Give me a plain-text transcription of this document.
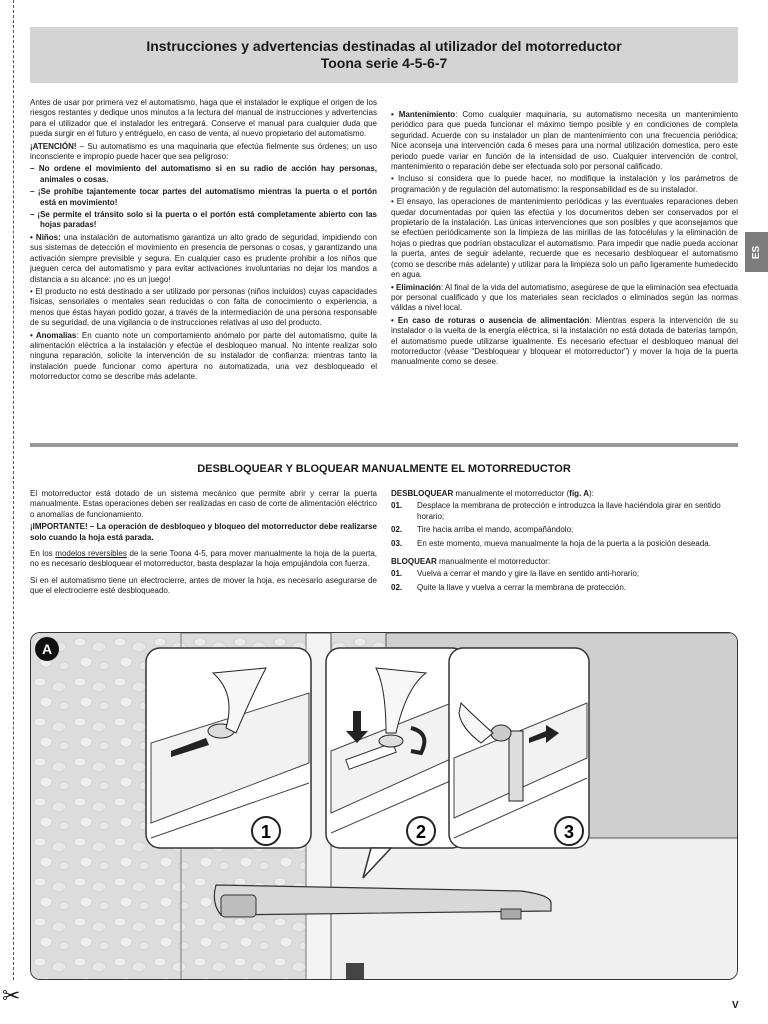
✂
Instrucciones y advertencias destinadas al utilizador del motorreductor
Toona serie 4-5-6-7
ES

Antes de usar por primera vez el automatismo, haga que el instalador le explique el origen de los riesgos restantes y dedique unos minutos a la lectura del manual de instrucciones y advertencias para el utilizador que el instalador les entregará. Conserve el manual para cualquier duda que pueda surgir en el futuro y entréguelo, en caso de venta, al nuevo propietario del automatismo.

¡ATENCIÓN! – Su automatismo es una maquinaria que efectúa fielmente sus órdenes; un uso inconsciente e impropio puede hacer que sea peligroso:

– No ordene el movimiento del automatismo si en su radio de acción hay personas, animales o cosas.

– ¡Se prohíbe tajantemente tocar partes del automatismo mientras la puerta o el portón está en movimiento!

– ¡Se permite el tránsito solo si la puerta o el portón está completamente abierto con las hojas paradas!

• Niños: una instalación de automatismo garantiza un alto grado de seguridad, impidiendo con sus sistemas de detección el movimiento en presencia de personas o cosas, y garantizando una activación siempre previsible y segura. En cualquier caso es prudente prohibir a los niños que jueguen cerca del automatismo y para evitar activaciones involuntarias no dejar los mandos a distancia a su alcance: ¡no es un juego!

• El producto no está destinado a ser utilizado por personas (niños incluidos) cuyas capacidades físicas, sensoriales o mentales sean reducidas o con falta de conocimiento o experiencia, a menos que éstas hayan podido gozar, a través de la intermediación de una persona responsable de su seguridad, de una vigilancia o de instrucciones relativas al uso del producto.

• Anomalías: En cuanto note un comportamiento anómalo por parte del automatismo, quite la alimentación eléctrica a la instalación y efectúe el desbloqueo manual. No intente realizar solo ninguna reparación, solicite la intervención de su instalador de confianza: mientras tanto la instalación puede funcionar como apertura no automatizada, una vez desbloqueado el motorreductor como se describe más adelante.

• Mantenimiento: Como cualquier maquinaria, su automatismo necesita un mantenimiento periódico para que pueda funcionar el máximo tiempo posible y en condiciones de completa seguridad. Acuerde con su instalador un plan de mantenimiento con una frecuencia periódica; Nice aconseja una intervención cada 6 meses para una normal utilización domestica, pero este periodo puede variar en función de la intensidad de uso. Cualquier intervención de control, mantenimiento o reparación debe ser efectuada solo por personal calificado.

• Incluso si considera que lo puede hacer, no modifique la instalación y los parámetros de programación y de regulación del automatismo: la responsabilidad es de su instalador.

• El ensayo, las operaciones de mantenimiento periódicas y las eventuales reparaciones deben quedar documentadas por quien las efectúa y los documentos deben ser conservados por el propietario de la instalación. Las únicas intervenciones que son posibles y que aconsejamos que se efectúen periódicamente son la limpieza de las mirillas de las fotocélulas y la eliminación de hojas o piedras que podrían obstaculizar el automatismo. Para impedir que nadie pueda accionar la puerta, antes de seguir adelante, recuerde que es necesario desbloquear el automatismo (como se describe más adelante) y utilizar para la limpieza solo un paño ligeramente humedecido en agua.

• Eliminación: Al final de la vida del automatismo, asegúrese de que la eliminación sea efectuada por personal cualificado y que los materiales sean reciclados o eliminados según las normas válidas a nivel local.

• En caso de roturas o ausencia de alimentación: Mientras espera la intervención de su instalador o la vuelta de la energía eléctrica, si la instalación no está dotada de baterías tampón, el automatismo puede utilizarse igualmente. Es necesario efectuar el desbloqueo manual del motorreductor (véase "Desbloquear y bloquear el motorreductor") y mover la hoja de la puerta manualmente como se desee.

DESBLOQUEAR Y BLOQUEAR MANUALMENTE EL MOTORREDUCTOR

El motorreductor está dotado de un sistema mecánico que permite abrir y cerrar la puerta manualmente. Estas operaciones deben ser realizadas en caso de corte de alimentación eléctrico o anomalías de funcionamiento.

¡IMPORTANTE! – La operación de desbloqueo y bloqueo del motorreductor debe realizarse solo cuando la hoja está parada.

En los modelos reversibles de la serie Toona 4-5, para mover manualmente la hoja de la puerta, no es necesario desbloquear el motorreductor, basta desplazar la hoja empujándola con fuerza.

Si en el automatismo tiene un electrocierre, antes de mover la hoja, es necesario asegurarse de que el electrocierre esté desbloqueado.

DESBLOQUEAR manualmente el motorreductor (fig. A):

01.	Desplace la membrana de protección e introduzca la llave haciéndola girar en sentido horario;
02.	Tire hacia arriba el mando, acompañándolo;
03.	En este momento, mueva manualmente la hoja de la puerta a la posición deseada.

BLOQUEAR manualmente el motorreductor:

01.	Vuelva a cerrar el mando y gire la llave en sentido anti-horario;
02.	Quite la llave y vuelva a cerrar la membrana de protección.
1	2	3
A
V
